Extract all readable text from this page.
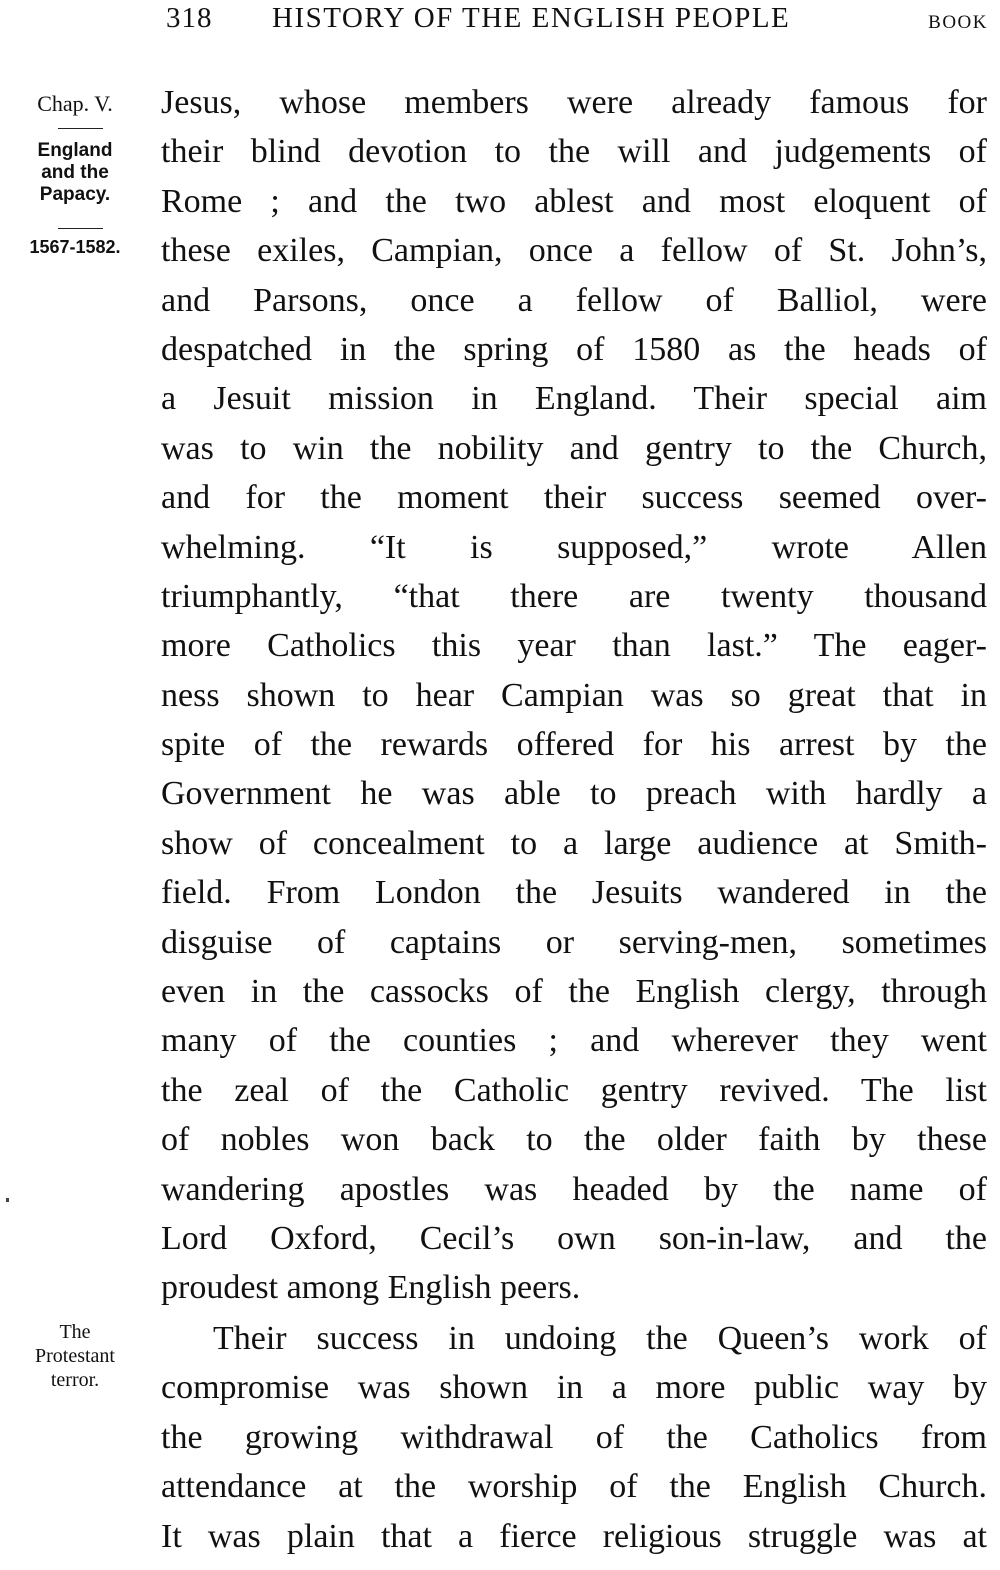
318 HISTORY OF THE ENGLISH PEOPLE	BOOK
Chap. V.
England
and the
Papacy.
1567-1582.
The
Protestant
terror.
Jesus, whose members were already famous for
their blind devotion to the will and judgements of
Rome ; and the two ablest and most eloquent of
these exiles, Campian, once a fellow of St. John’s,
and Parsons, once a fellow of Balliol, were
despatched in the spring of 1580 as the heads of
a Jesuit mission in England. Their special aim
was to win the nobility and gentry to the Church,
and for the moment their success seemed over-
whelming. “It is supposed,” wrote Allen
triumphantly, “that there are twenty thousand
more Catholics this year than last.” The eager-
ness shown to hear Campian was so great that in
spite of the rewards offered for his arrest by the
Government he was able to preach with hardly a
show of concealment to a large audience at Smith-
field. From London the Jesuits wandered in the
disguise of captains or serving-men, sometimes
even in the cassocks of the English clergy, through
many of the counties ; and wherever they went
the zeal of the Catholic gentry revived. The list
of nobles won back to the older faith by these
wandering apostles was headed by the name of
Lord Oxford, Cecil’s own son-in-law, and the
proudest among English peers.
Their success in undoing the Queen’s work of
compromise was shown in a more public way by
the growing withdrawal of the Catholics from
attendance at the worship of the English Church.
It was plain that a fierce religious struggle was at
